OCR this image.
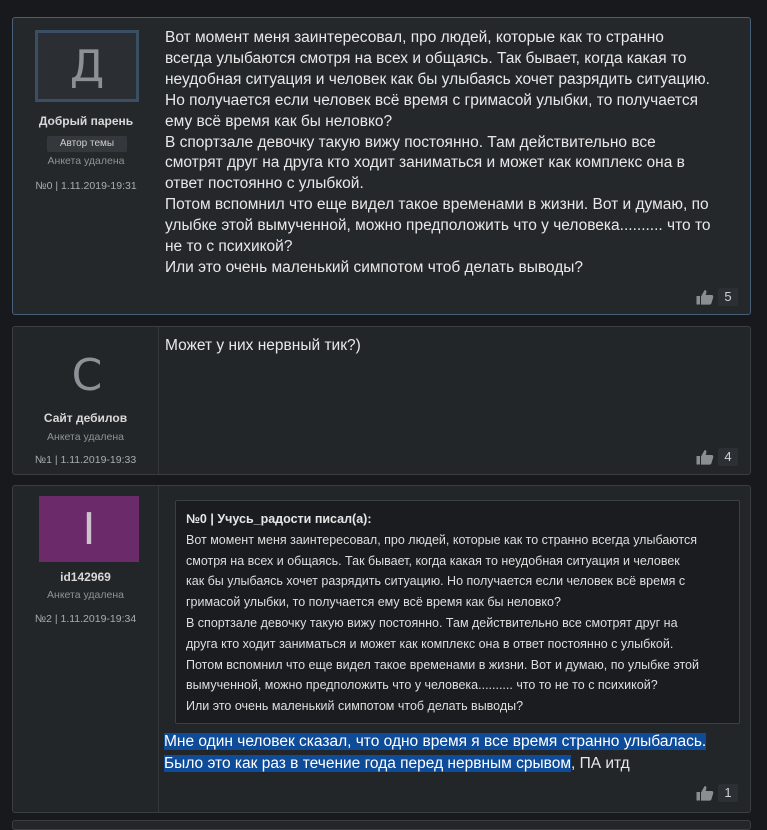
Д
Добрый парень
Автор темы
Анкета удалена
№0 | 1.11.2019-19:31

Вот момент меня заинтересовал, про людей, которые как то странно

всегда улыбаются смотря на всех и общаясь. Так бывает, когда какая то

неудобная ситуация и человек как бы улыбаясь хочет разрядить ситуацию.

Но получается если человек всё время с гримасой улыбки, то получается

ему всё время как бы неловко?

В спортзале девочку такую вижу постоянно. Там действительно все

смотрят друг на друга кто ходит заниматься и может как комплекс она в

ответ постоянно с улыбкой.

Потом вспомнил что еще видел такое временами в жизни. Вот и думаю, по

улыбке этой вымученной, можно предположить что у человека.......... что то

не то с психикой?

Или это очень маленький симпотом чтоб делать выводы?

5
С
Сайт дебилов
Анкета удалена
№1 | 1.11.2019-19:33

Может у них нервный тик?)

4
I
id142969
Анкета удалена
№2 | 1.11.2019-19:34
№0 | Учусь_радости писал(а):
Вот момент меня заинтересовал, про людей, которые как то странно всегда улыбаются
смотря на всех и общаясь. Так бывает, когда какая то неудобная ситуация и человек
как бы улыбаясь хочет разрядить ситуацию. Но получается если человек всё время с
гримасой улыбки, то получается ему всё время как бы неловко?
В спортзале девочку такую вижу постоянно. Там действительно все смотрят друг на
друга кто ходит заниматься и может как комплекс она в ответ постоянно с улыбкой.
Потом вспомнил что еще видел такое временами в жизни. Вот и думаю, по улыбке этой
вымученной, можно предположить что у человека.......... что то не то с психикой?
Или это очень маленький симпотом чтоб делать выводы?
Мне один человек сказал, что одно время я все время странно улыбалась.
Было это как раз в течение года перед нервным срывом, ПА итд
1
